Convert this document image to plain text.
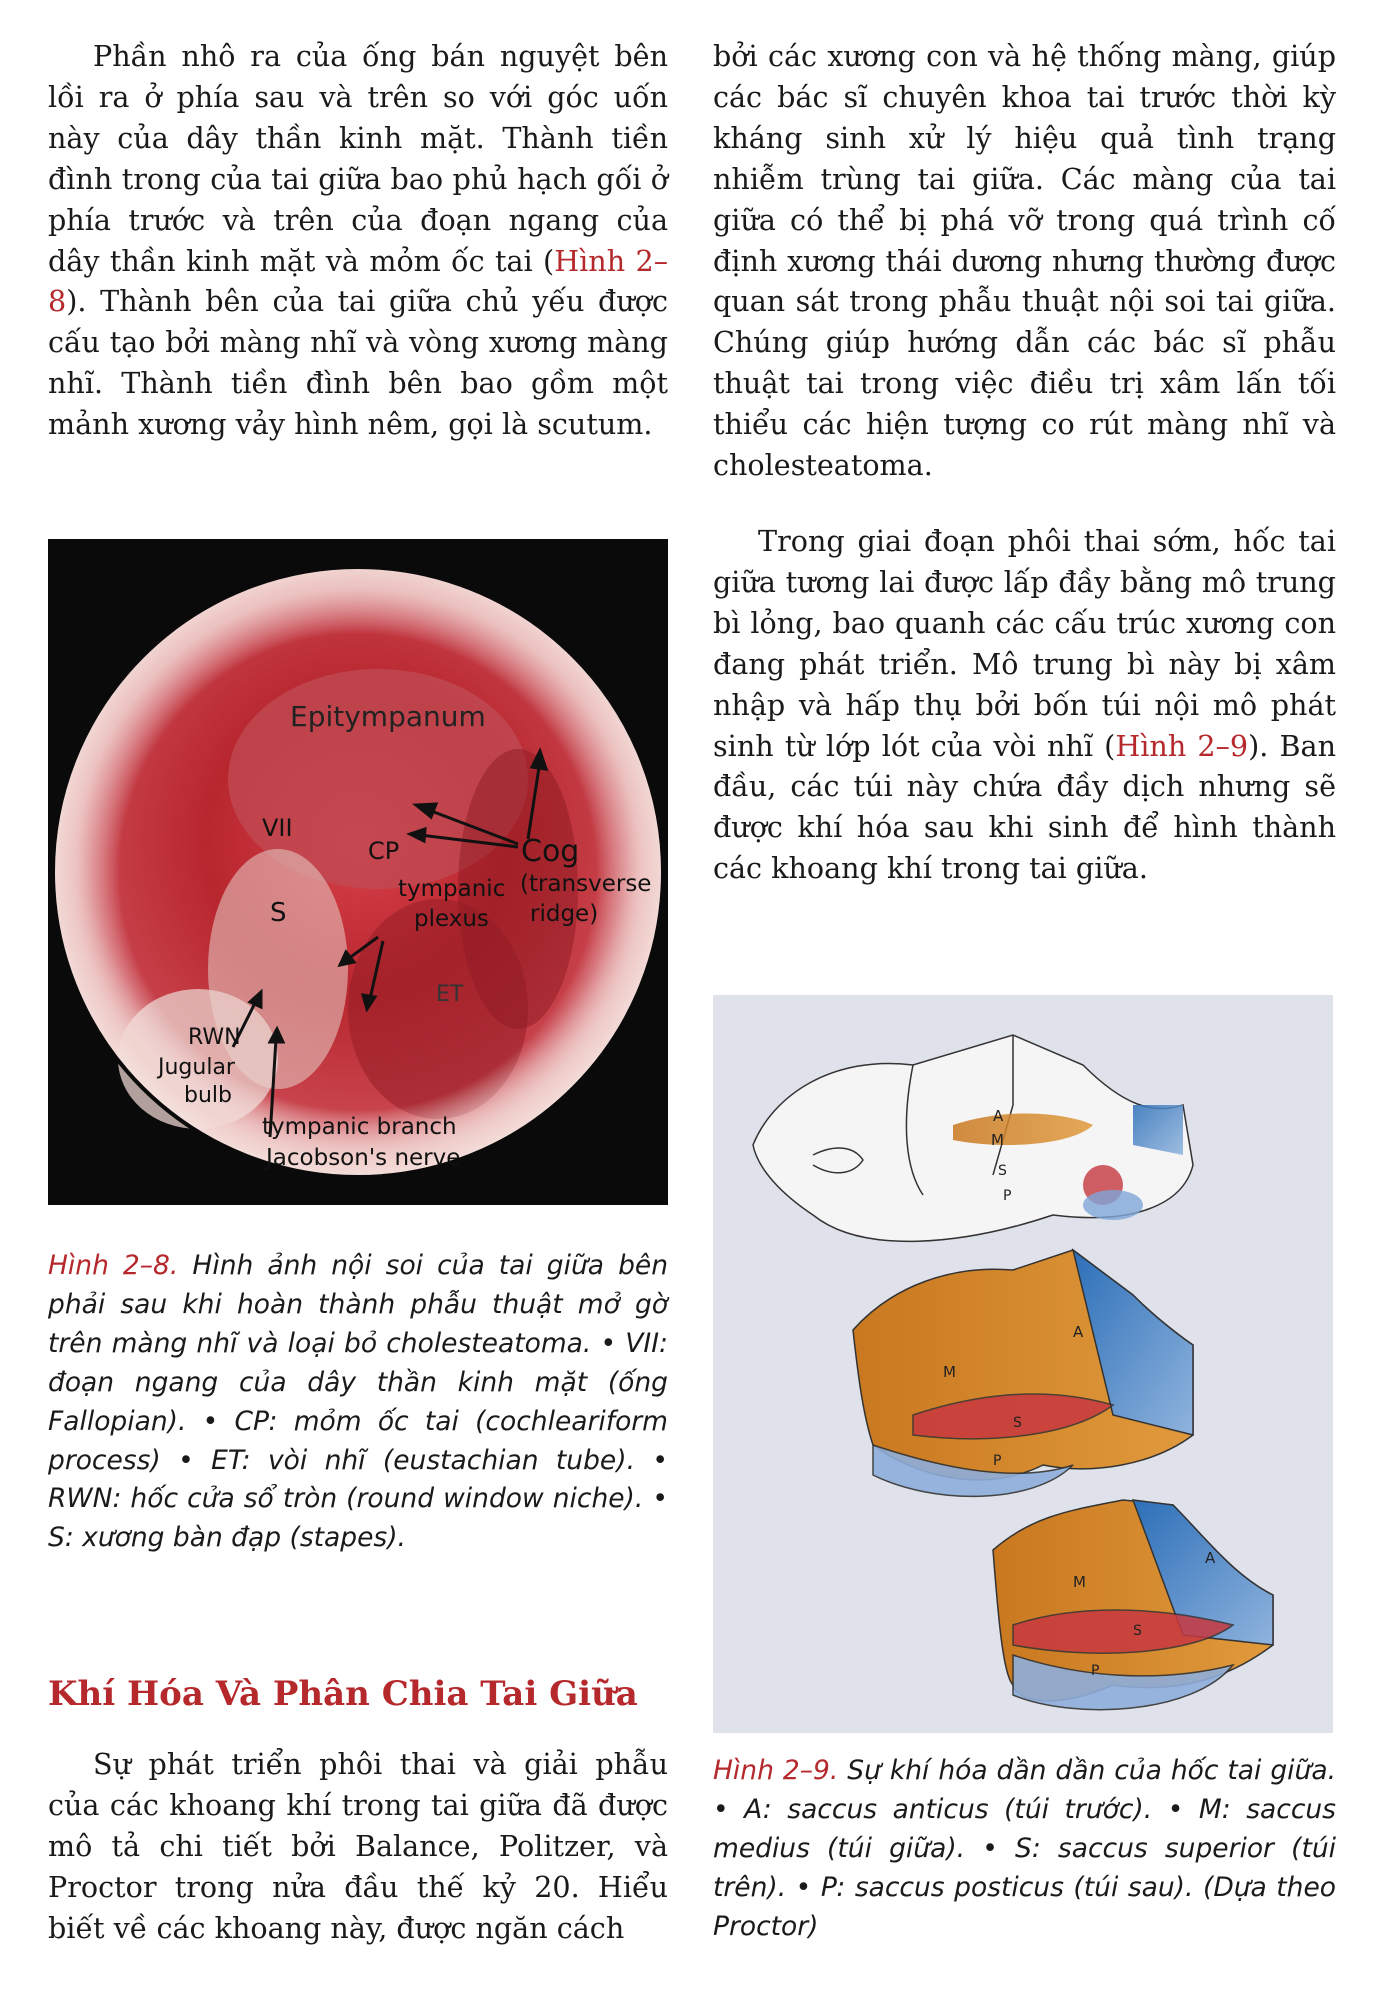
Phần nhô ra của ống bán nguyệt bên lồi ra ở phía sau và trên so với góc uốn này của dây thần kinh mặt. Thành tiền đình trong của tai giữa bao phủ hạch gối ở phía trước và trên của đoạn ngang của dây thần kinh mặt và mỏm ốc tai (Hình 2–8). Thành bên của tai giữa chủ yếu được cấu tạo bởi màng nhĩ và vòng xương màng nhĩ. Thành tiền đình bên bao gồm một mảnh xương vảy hình nêm, gọi là scutum.

Epitympanum
VII
CP	Cog
(transverse
ridge)
tympanic
plexus
S
ET
RWN
Jugular
bulb
tympanic branch
Jacobson's nerve

Hình 2–8. Hình ảnh nội soi của tai giữa bên phải sau khi hoàn thành phẫu thuật mở gờ trên màng nhĩ và loại bỏ cholesteatoma. • VII: đoạn ngang của dây thần kinh mặt (ống Fallopian). • CP: mỏm ốc tai (cochleariform process) • ET: vòi nhĩ (eustachian tube). • RWN: hốc cửa sổ tròn (round window niche). • S: xương bàn đạp (stapes).

Khí Hóa Và Phân Chia Tai Giữa

Sự phát triển phôi thai và giải phẫu của các khoang khí trong tai giữa đã được mô tả chi tiết bởi Balance, Politzer, và Proctor trong nửa đầu thế kỷ 20. Hiểu biết về các khoang này, được ngăn cách

bởi các xương con và hệ thống màng, giúp các bác sĩ chuyên khoa tai trước thời kỳ kháng sinh xử lý hiệu quả tình trạng nhiễm trùng tai giữa. Các màng của tai giữa có thể bị phá vỡ trong quá trình cố định xương thái dương nhưng thường được quan sát trong phẫu thuật nội soi tai giữa. Chúng giúp hướng dẫn các bác sĩ phẫu thuật tai trong việc điều trị xâm lấn tối thiểu các hiện tượng co rút màng nhĩ và cholesteatoma.

Trong giai đoạn phôi thai sớm, hốc tai giữa tương lai được lấp đầy bằng mô trung bì lỏng, bao quanh các cấu trúc xương con đang phát triển. Mô trung bì này bị xâm nhập và hấp thụ bởi bốn túi nội mô phát sinh từ lớp lót của vòi nhĩ (Hình 2–9). Ban đầu, các túi này chứa đầy dịch nhưng sẽ được khí hóa sau khi sinh để hình thành các khoang khí trong tai giữa.

M
A
S
P
M
A
S
P
M
A
S
P

Hình 2–9. Sự khí hóa dần dần của hốc tai giữa. • A: saccus anticus (túi trước). • M: saccus medius (túi giữa). • S: saccus superior (túi trên). • P: saccus posticus (túi sau). (Dựa theo Proctor)
